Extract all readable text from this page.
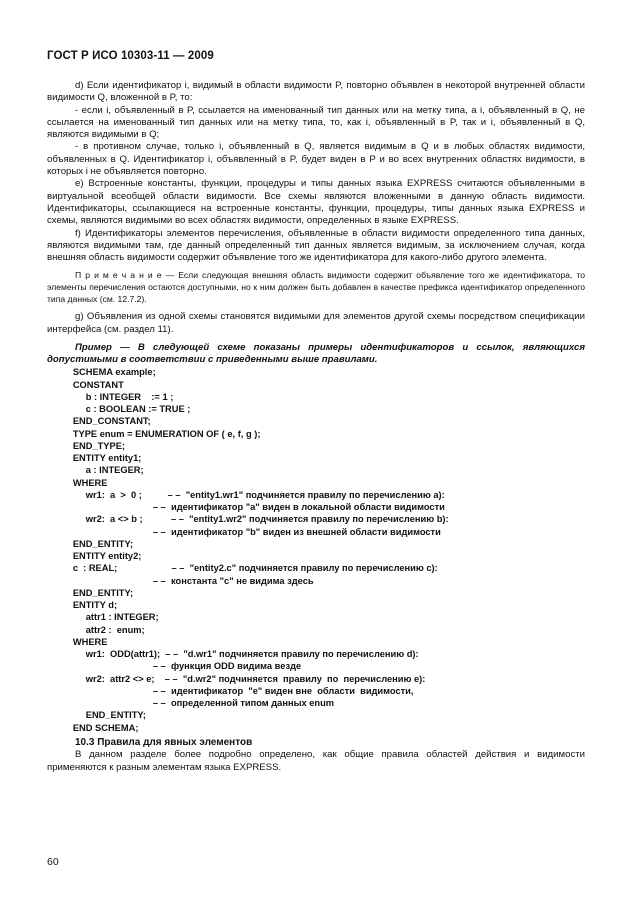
ГОСТ Р ИСО 10303-11 — 2009

d) Если идентификатор i, видимый в области видимости P, повторно объявлен в некоторой внутренней области видимости Q, вложенной в P, то:

- если i, объявленный в P, ссылается на именованный тип данных или на метку типа, а i, объявленный в Q, не ссылается на именованный тип данных или на метку типа, то, как i, объявленный в P, так и i, объявленный в Q, являются видимыми в Q;

- в противном случае, только i, объявленный в Q, является видимым в Q и в любых областях видимости, объявленных в Q. Идентификатор i, объявленный в P, будет виден в P и во всех внутренних областях видимости, в которых i не объявляется повторно.

e) Встроенные константы, функции, процедуры и типы данных языка EXPRESS считаются объявленными в виртуальной всеобщей области видимости. Все схемы являются вложенными в данную область видимости. Идентификаторы, ссылающиеся на встроенные константы, функции, процедуры, типы данных языка EXPRESS и схемы, являются видимыми во всех областях видимости, определенных в языке EXPRESS.

f) Идентификаторы элементов перечисления, объявленные в области видимости определенного типа данных, являются видимыми там, где данный определенный тип данных является видимым, за исключением случая, когда внешняя область видимости содержит объявление того же идентификатора для какого-либо другого элемента.

П р и м е ч а н и е — Если следующая внешняя область видимости содержит объявление того же идентификатора, то элементы перечисления остаются доступными, но к ним должен быть добавлен в качестве префикса идентификатор определенного типа данных (см. 12.7.2).

g) Объявления из одной схемы становятся видимыми для элементов другой схемы посредством спецификации интерфейса (см. раздел 11).

Пример — В следующей схеме показаны примеры идентификаторов и ссылок, являющихся допустимыми в соответствии с приведенными выше правилами.

SCHEMA example;
CONSTANT
b : INTEGER    := 1 ;
c : BOOLEAN := TRUE ;
END_CONSTANT;
TYPE enum = ENUMERATION OF ( e, f, g );
END_TYPE;
ENTITY entity1;
a : INTEGER;
WHERE
wr1:  a  >  0 ;          – –  "entity1.wr1" подчиняется правилу по перечислению a):
– –  идентификатор "a" виден в локальной области видимости
wr2:  a <> b ;           – –  "entity1.wr2" подчиняется правилу по перечислению b):
– –  идентификатор "b" виден из внешней области видимости
END_ENTITY;
ENTITY entity2;
c  : REAL;                     – –  "entity2.c" подчиняется правилу по перечислению c):
– –  константа "c" не видима здесь
END_ENTITY;
ENTITY d;
attr1 : INTEGER;
attr2 :  enum;
WHERE
wr1:  ODD(attr1);  – –  "d.wr1" подчиняется правилу по перечислению d):
– –  функция ODD видима везде
wr2:  attr2 <> e;    – –  "d.wr2" подчиняется  правилу  по  перечислению e):
– –  идентификатор  "e" виден вне  области  видимости,
– –  определенной типом данных enum
END_ENTITY;
END SCHEMA;

10.3 Правила для явных элементов

В данном разделе более подробно определено, как общие правила областей действия и видимости применяются к разным элементам языка EXPRESS.

60
